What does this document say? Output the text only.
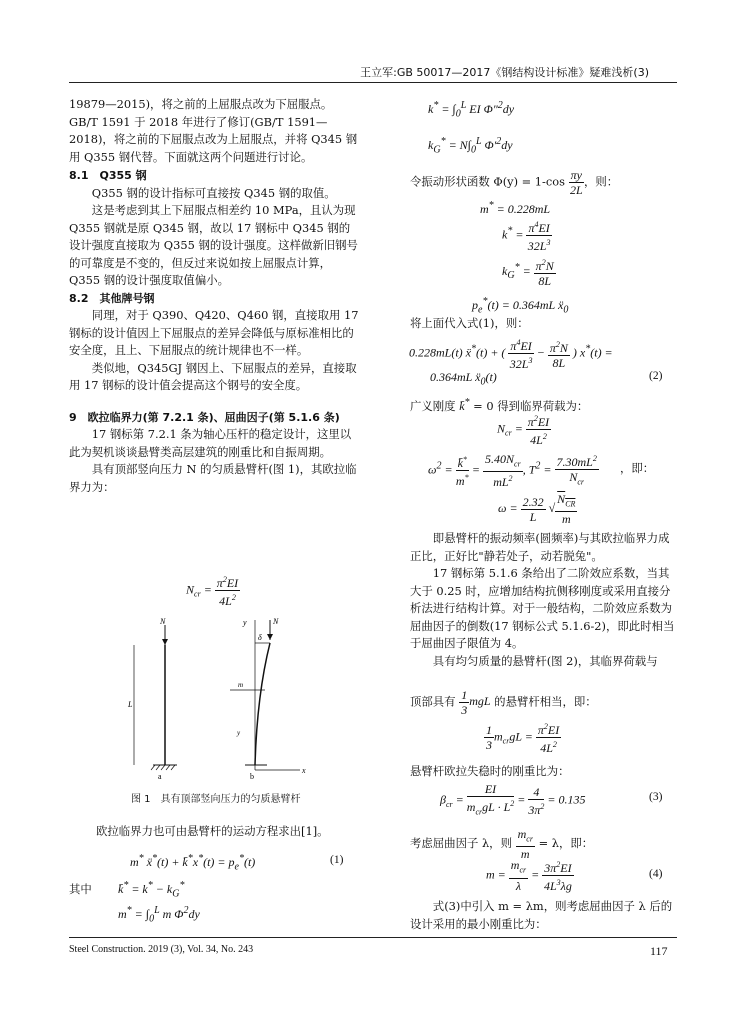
王立军:GB 50017—2017《钢结构设计标准》疑难浅析(3)

19879—2015)，将之前的上屈服点改为下屈服点。GB/T 1591 于 2018 年进行了修订(GB/T 1591—2018)，将之前的下屈服点改为上屈服点，并将 Q345 钢用 Q355 钢代替。下面就这两个问题进行讨论。

8.1　Q355 钢

Q355 钢的设计指标可直接按 Q345 钢的取值。

这是考虑到其上下屈服点相差约 10 MPa，且认为现 Q355 钢就是原 Q345 钢，故以 17 钢标中 Q345 钢的设计强度直接取为 Q355 钢的设计强度。这样做新旧钢号的可靠度是不变的，但反过来说如按上屈服点计算，Q355 钢的设计强度取值偏小。

8.2　其他牌号钢

同理，对于 Q390、Q420、Q460 钢，直接取用 17 钢标的设计值因上下屈服点的差异会降低与原标准相比的安全度，且上、下屈服点的统计规律也不一样。

类似地，Q345GJ 钢因上、下屈服点的差异，直接取用 17 钢标的设计值会提高这个钢号的安全度。

9　欧拉临界力(第 7.2.1 条)、屈曲因子(第 5.1.6 条)

17 钢标第 7.2.1 条为轴心压杆的稳定设计，这里以此为契机谈谈悬臂类高层建筑的刚重比和自振周期。

具有顶部竖向压力 N 的匀质悬臂杆(图 1)，其欧拉临界力为：

$N_{cr} = \frac{\pi^2EI}{4L^2}$
N
L
a
y	N
δ
m
y
x
b
图 1　具有顶部竖向压力的匀质悬臂杆
欧拉临界力也可由悬臂杆的运动方程求出[1]。
m* ẍ*(t) + k̄*x*(t) = $p_e^*(t)$	(1)
其中 k̄* = $k^* - k_G^*$
$m^* = \int_0^L$ m $\Phi^2dy$
$k^* = \int_0^L$ EI Φ″$^2$dy
$k_G^* = N\int_0^L$ $\Phi'^2dy$
令振动形状函数 $\Phi(y) = 1-\cos \frac{\pi y}{2L}$ ，则：
m* = 0.228mL
$k^* = \frac{\pi^4EI}{32L^3}$
$k_G^* = \frac{\pi^2N}{8L}$
$p_e^*(t) = 0.364mL$ ẍ$_0$
将上面代入式(1)，则：
0.228mL(t) ẍ*(t) + ( $\frac{\pi^4EI}{32L^3} - \frac{\pi^2N}{8L}$ ) x*(t) =
0.364mL ẍ$_0$(t)	(2)
广义刚度 k̄* = 0 得到临界荷载为：
$N_{cr} = \frac{\pi^2EI}{4L^2}$
$\omega^2 = \frac{k̄^*}{m^*} = \frac{5.40N_{cr}}{mL^2}$ , $T^2 = \frac{7.30mL^2}{N_{cr}}$ ，即：
$\omega = \frac{2.32}{L}$ √ $\frac{N_{CR}}{m}$

即悬臂杆的振动频率(圆频率)与其欧拉临界力成正比，正好比"静若处子，动若脱兔"。

17 钢标第 5.1.6 条给出了二阶效应系数，当其大于 0.25 时，应增加结构抗侧移刚度或采用直接分析法进行结构计算。对于一般结构，二阶效应系数为屈曲因子的倒数(17 钢标公式 5.1.6-2)，即此时相当于屈曲因子限值为 4。

具有均匀质量的悬臂杆(图 2)，其临界荷载与

顶部具有 $\frac{1}{3}$ mgL 的悬臂杆相当，即：
$\frac{1}{3} m_{cr}gL = \frac{\pi^2EI}{4L^2}$
悬臂杆欧拉失稳时的刚重比为：
$\beta_{cr} = \frac{EI}{m_{cr}gL \cdot L^2} = \frac{4}{3\pi^2} = 0.135$	(3)
考虑屈曲因子 λ，则 $\frac{m_{cr}}{m} = \lambda$，即：
$m = \frac{m_{cr}}{\lambda} = \frac{3\pi^2EI}{4L^3\lambda g}$	(4)
式(3)中引入 m = λm，则考虑屈曲因子 λ 后的设计采用的最小刚重比为：
Steel Construction. 2019 (3), Vol. 34, No. 243	117
